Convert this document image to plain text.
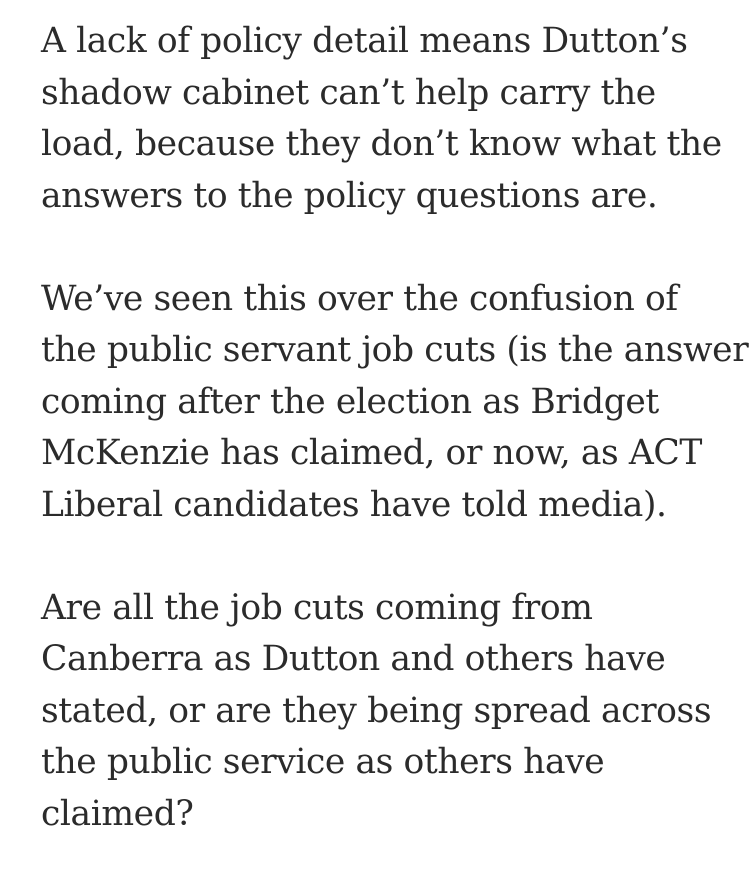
A lack of policy detail means Dutton’s
shadow cabinet can’t help carry the
load, because they don’t know what the
answers to the policy questions are.

We’ve seen this over the confusion of
the public servant job cuts (is the answer
coming after the election as Bridget
McKenzie has claimed, or now, as ACT
Liberal candidates have told media).

Are all the job cuts coming from
Canberra as Dutton and others have
stated, or are they being spread across
the public service as others have
claimed?
